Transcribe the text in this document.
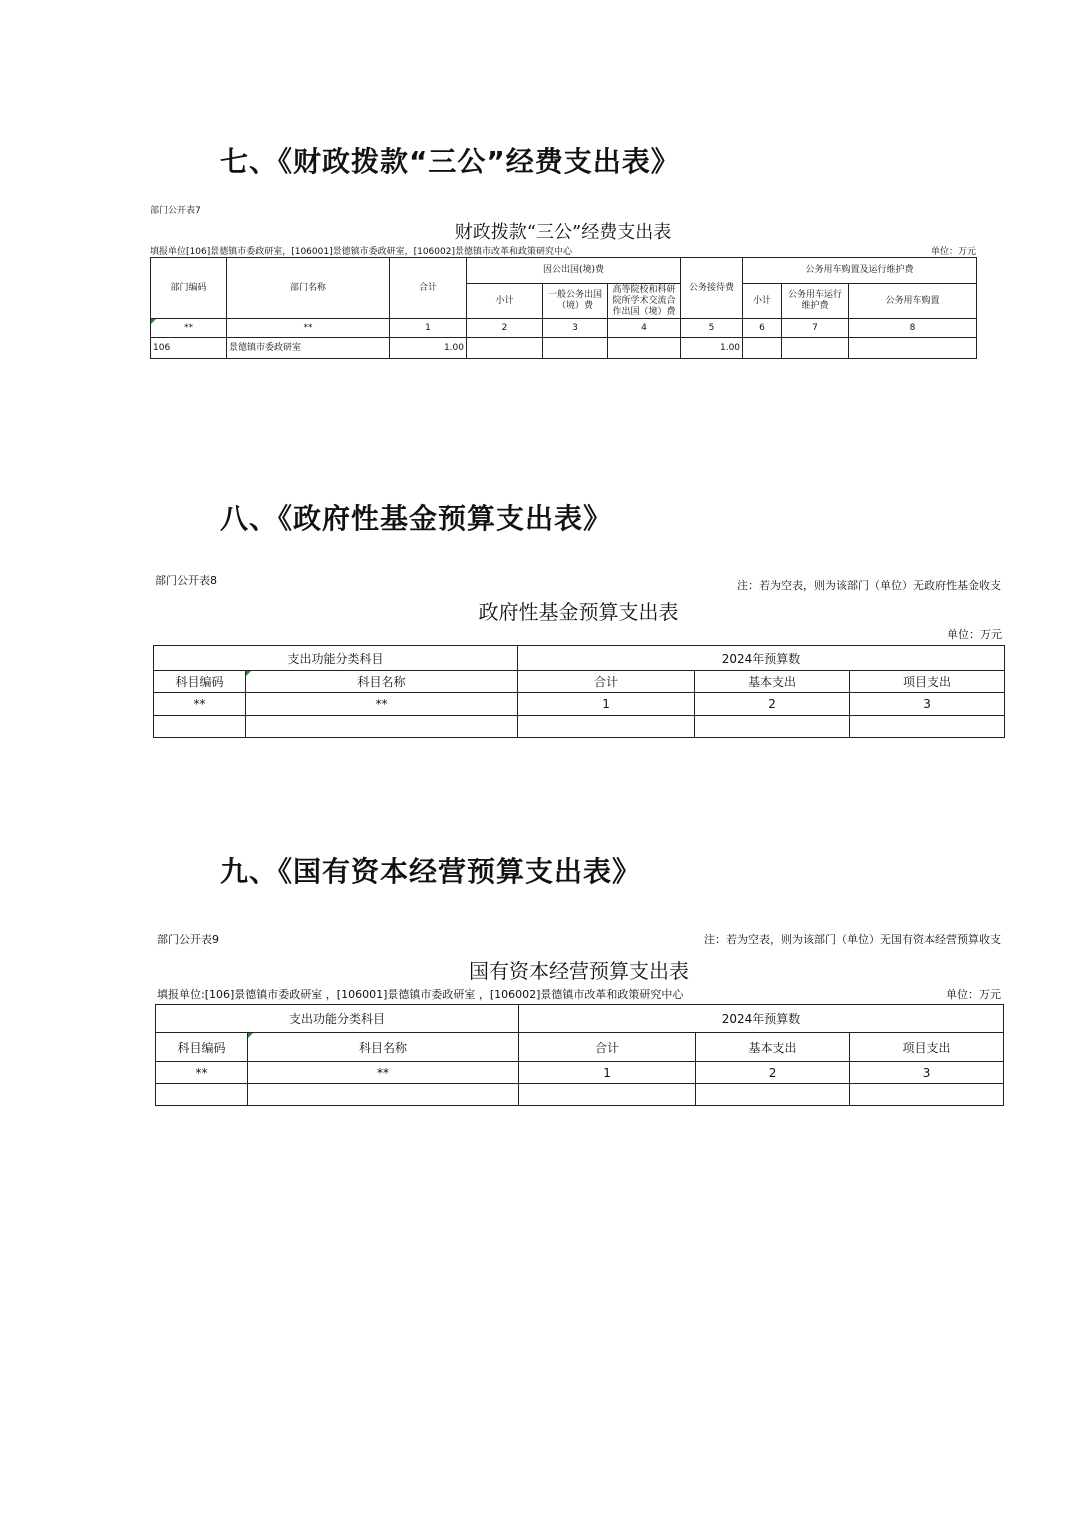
七、《财政拨款“三公”经费支出表》
部门公开表7
财政拨款“三公”经费支出表
填报单位[106]景德镇市委政研室，[106001]景德镇市委政研室，[106002]景德镇市改革和政策研究中心	单位：万元
部门编码	部门名称	合计	因公出国(境)费			公务接待费	公务用车购置及运行维护费		
			小计	一般公务出国（境）费	高等院校和科研院所学术交流合作出国（境）费		小计	公务用车运行维护费	公务用车购置
**	**	1	2	3	4	5	6	7	8
106	景德镇市委政研室	1.00				1.00			
八、《政府性基金预算支出表》
部门公开表8	注：若为空表，则为该部门（单位）无政府性基金收支
政府性基金预算支出表
单位：万元
支出功能分类科目		2024年预算数		
科目编码	科目名称	合计	基本支出	项目支出
**	**	1	2	3

九、《国有资本经营预算支出表》
部门公开表9	注：若为空表，则为该部门（单位）无国有资本经营预算收支
国有资本经营预算支出表
填报单位:[106]景德镇市委政研室 ，[106001]景德镇市委政研室 ，[106002]景德镇市改革和政策研究中心	单位：万元
支出功能分类科目		2024年预算数		
科目编码	科目名称	合计	基本支出	项目支出
**	**	1	2	3
